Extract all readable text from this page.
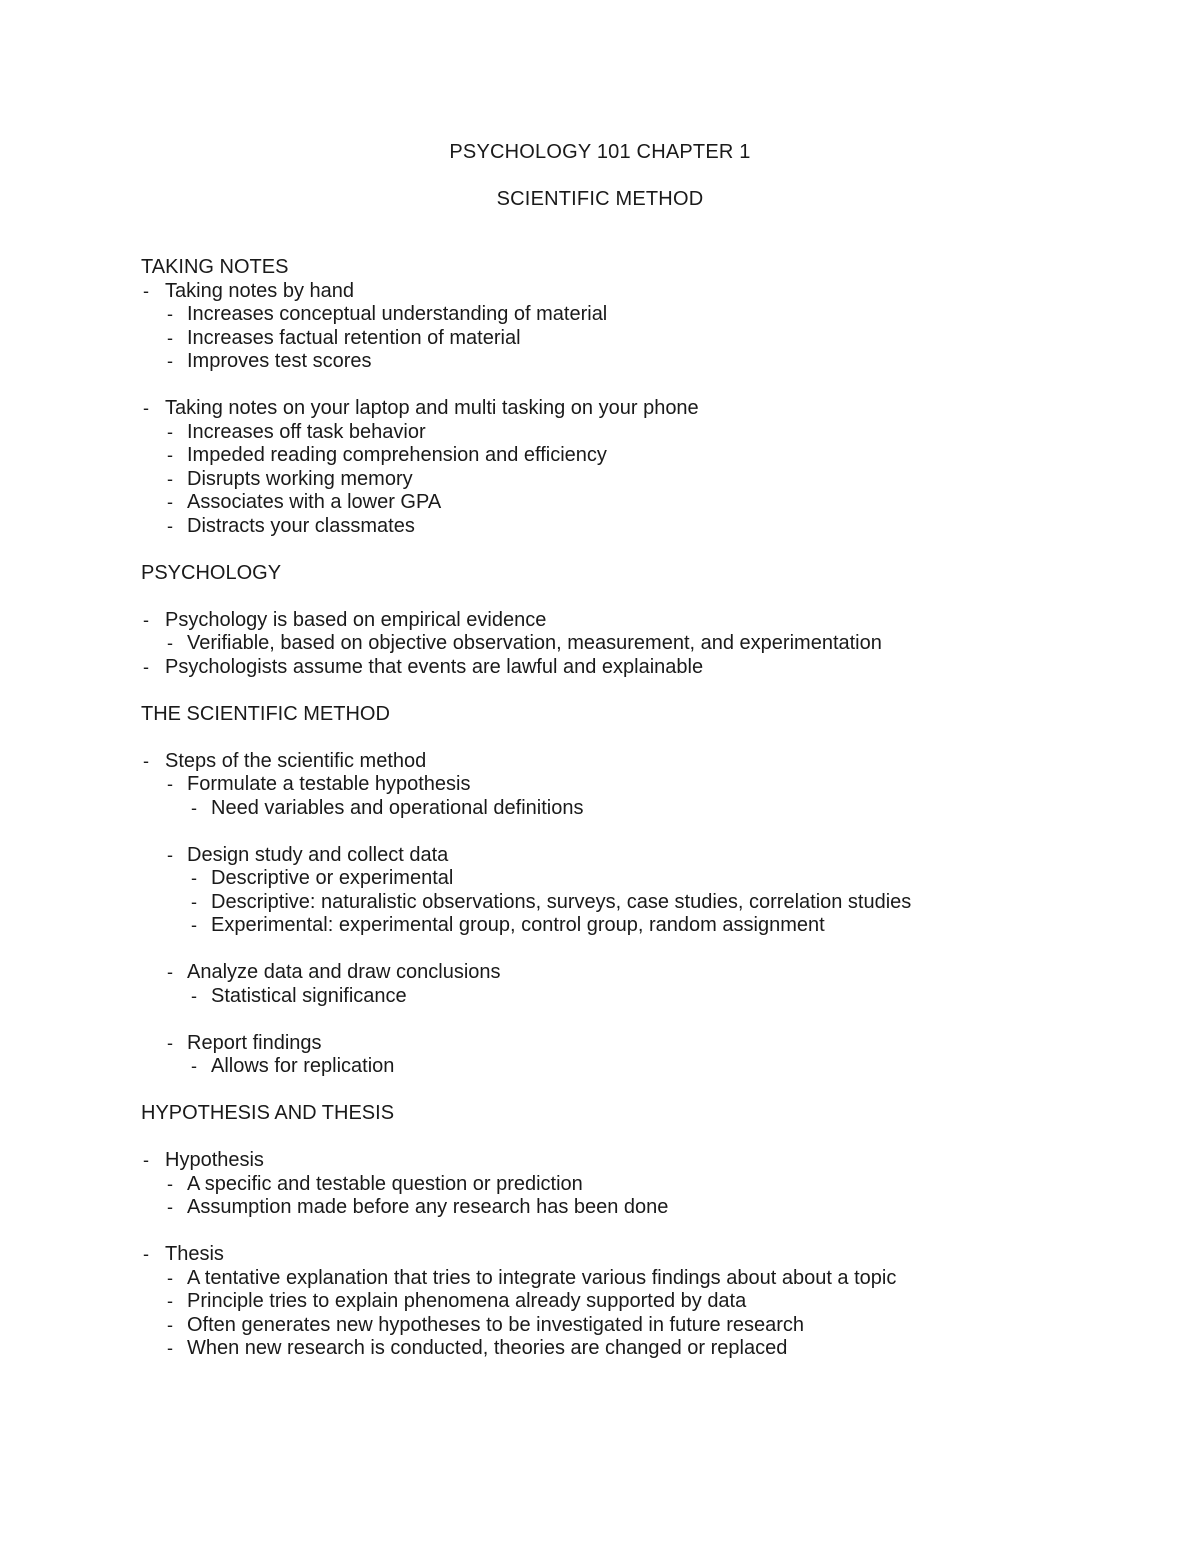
PSYCHOLOGY 101 CHAPTER 1
SCIENTIFIC METHOD
TAKING NOTES
- Taking notes by hand
- Increases conceptual understanding of material
- Increases factual retention of material
- Improves test scores
- Taking notes on your laptop and multi tasking on your phone
- Increases off task behavior
- Impeded reading comprehension and efficiency
- Disrupts working memory
- Associates with a lower GPA
- Distracts your classmates
PSYCHOLOGY
- Psychology is based on empirical evidence
- Verifiable, based on objective observation, measurement, and experimentation
- Psychologists assume that events are lawful and explainable
THE SCIENTIFIC METHOD
- Steps of the scientific method
- Formulate a testable hypothesis
- Need variables and operational definitions
- Design study and collect data
- Descriptive or experimental
- Descriptive: naturalistic observations, surveys, case studies, correlation studies
- Experimental: experimental group, control group, random assignment
- Analyze data and draw conclusions
- Statistical significance
- Report findings
- Allows for replication
HYPOTHESIS AND THESIS
- Hypothesis
- A specific and testable question or prediction
- Assumption made before any research has been done
- Thesis
- A tentative explanation that tries to integrate various findings about about a topic
- Principle tries to explain phenomena already supported by data
- Often generates new hypotheses to be investigated in future research
- When new research is conducted, theories are changed or replaced
